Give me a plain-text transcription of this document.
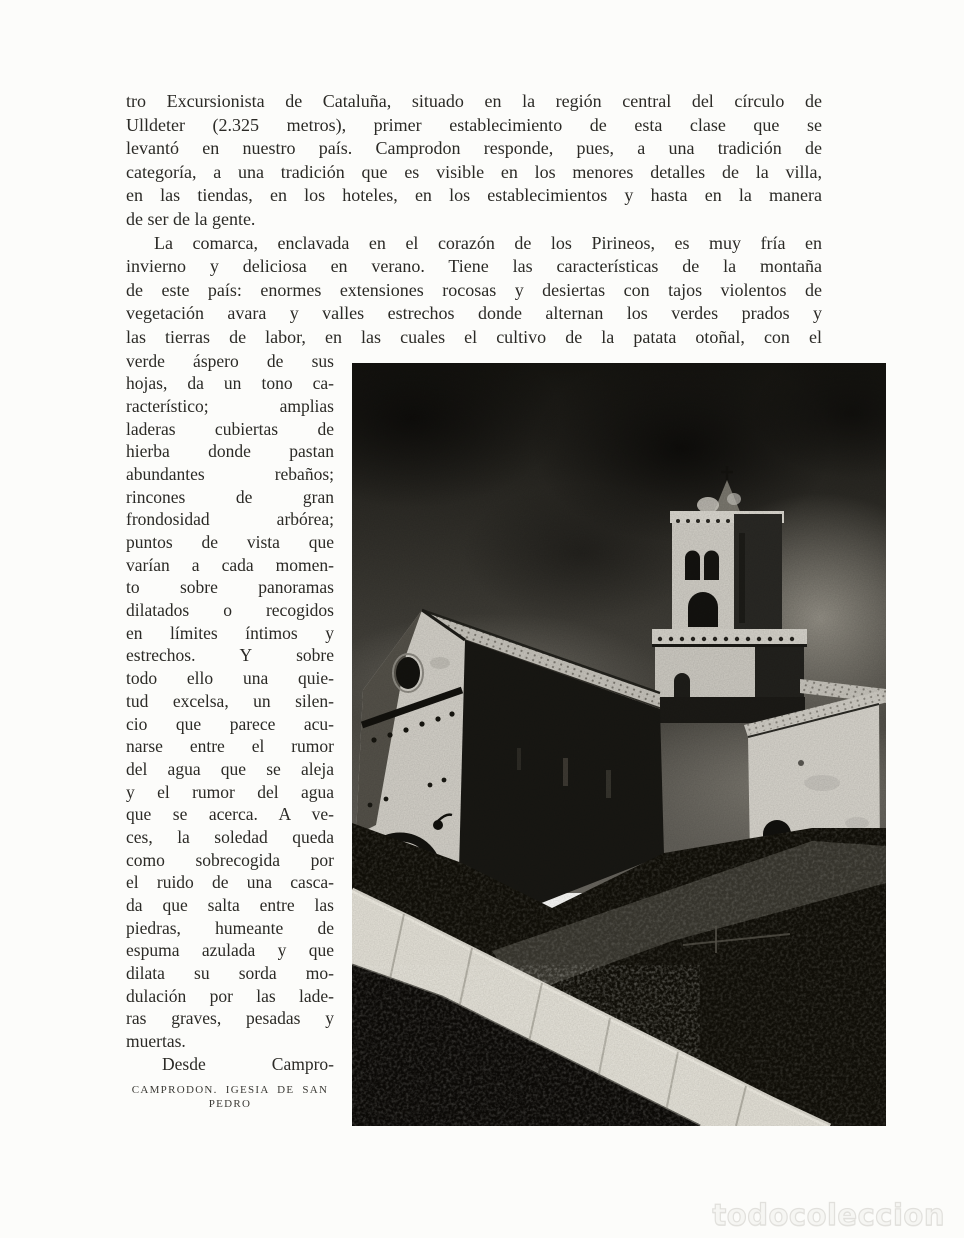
tro Excursionista de Cataluña, situado en la región central del círculo de
Ulldeter (2.325 metros), primer establecimiento de esta clase que se
levantó en nuestro país. Camprodon responde, pues, a una tradición de
categoría, a una tradición que es visible en los menores detalles de la villa,
en las tiendas, en los hoteles, en los establecimientos y hasta en la manera
de ser de la gente.
La comarca, enclavada en el corazón de los Pirineos, es muy fría en
invierno y deliciosa en verano. Tiene las características de la montaña
de este país: enormes extensiones rocosas y desiertas con tajos violentos de
vegetación avara y valles estrechos donde alternan los verdes prados y
las tierras de labor, en las cuales el cultivo de la patata otoñal, con el
verde áspero de sus
hojas, da un tono ca-
racterístico; amplias
laderas cubiertas de
hierba donde pastan
abundantes rebaños;
rincones de gran
frondosidad arbórea;
puntos de vista que
varían a cada momen-
to sobre panoramas
dilatados o recogidos
en límites íntimos y
estrechos. Y sobre
todo ello una quie-
tud excelsa, un silen-
cio que parece acu-
narse entre el rumor
del agua que se aleja
y el rumor del agua
que se acerca. A ve-
ces, la soledad queda
como sobrecogida por
el ruido de una casca-
da que salta entre las
piedras, humeante de
espuma azulada y que
dilata su sorda mo-
dulación por las lade-
ras graves, pesadas y
muertas.
Desde Campro-
CAMPRODON. IGESIA DE SAN
PEDRO
todocoleccion
